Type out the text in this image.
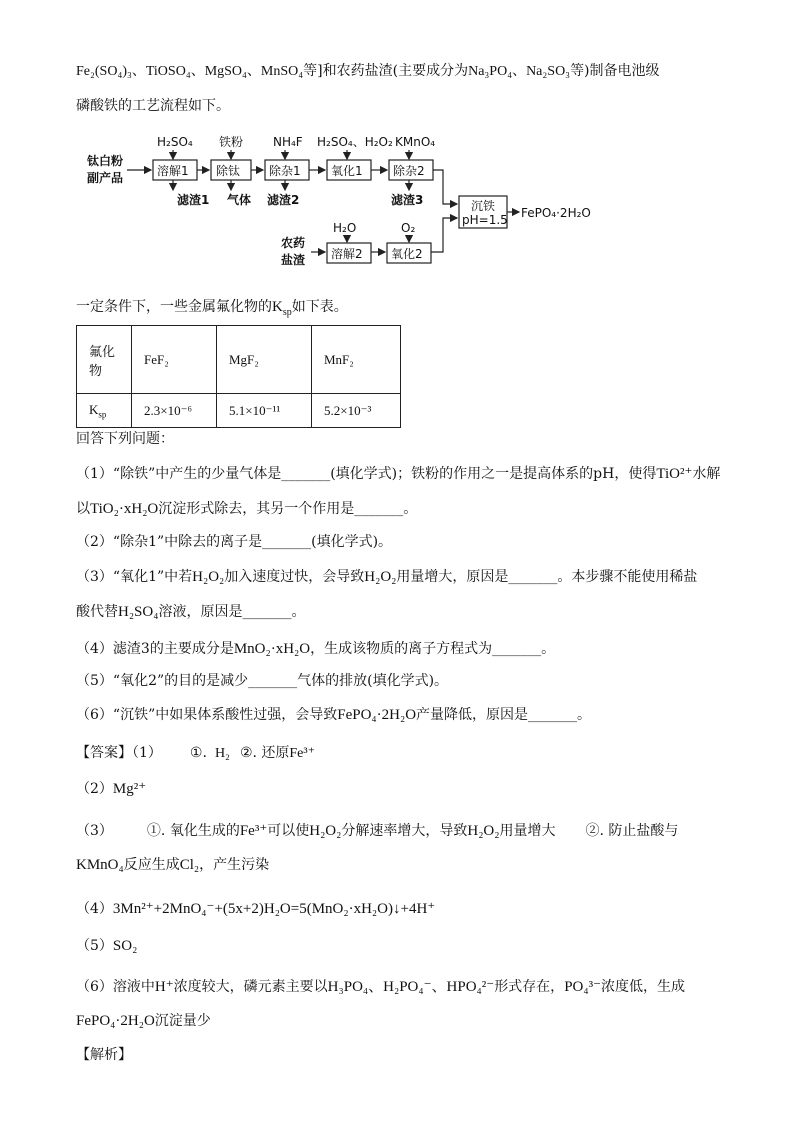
Fe₂(SO₄)₃、TiOSO₄、MgSO₄、MnSO₄等]和农药盐渣(主要成分为Na₃PO₄、Na₂SO₃等)制备电池级
磷酸铁的工艺流程如下。
钛白粉
副产品
H₂SO₄ 铁粉 NH₄F H₂SO₄、H₂O₂ KMnO₄
溶解1 除钛 除杂1	氧化1	除杂2
滤渣1 气体 滤渣2	滤渣3	沉铁
pH=1.5 FePO₄·2H₂O
H₂O	O₂
农药
盐渣 溶解2 氧化2
一定条件下，一些金属氟化物的$K_{sp}$如下表。
氟化
物	FeF₂	MgF₂	MnF₂
$K_{sp}$	2.3×10⁻⁶	5.1×10⁻¹¹	5.2×10⁻³
回答下列问题：
（1）“除铁”中产生的少量气体是_______(填化学式)；铁粉的作用之一是提高体系的pH，使得TiO²⁺水解
以TiO₂·xH₂O沉淀形式除去，其另一个作用是_______。
（2）“除杂1”中除去的离子是_______(填化学式)。
（3）“氧化1”中若H₂O₂加入速度过快，会导致H₂O₂用量增大，原因是_______。本步骤不能使用稀盐
酸代替H₂SO₄溶液，原因是_______。
（4）滤渣3的主要成分是MnO₂·xH₂O，生成该物质的离子方程式为_______。
（5）“氧化2”的目的是减少_______气体的排放(填化学式)。
（6）“沉铁”中如果体系酸性过强，会导致FePO₄·2H₂O产量降低，原因是_______。
【答案】（1） ①. H₂ ②. 还原Fe³⁺
（2）Mg²⁺
（3） ①. 氧化生成的Fe³⁺可以使H₂O₂分解速率增大，导致H₂O₂用量增大 ②. 防止盐酸与
KMnO₄反应生成Cl₂，产生污染
（4）3Mn²⁺+2MnO₄⁻+(5x+2)H₂O=5(MnO₂·xH₂O)↓+4H⁺
（5）SO₂
（6）溶液中H⁺浓度较大，磷元素主要以H₃PO₄、H₂PO₄⁻、HPO₄²⁻形式存在，PO₄³⁻浓度低，生成
FePO₄·2H₂O沉淀量少
【解析】
